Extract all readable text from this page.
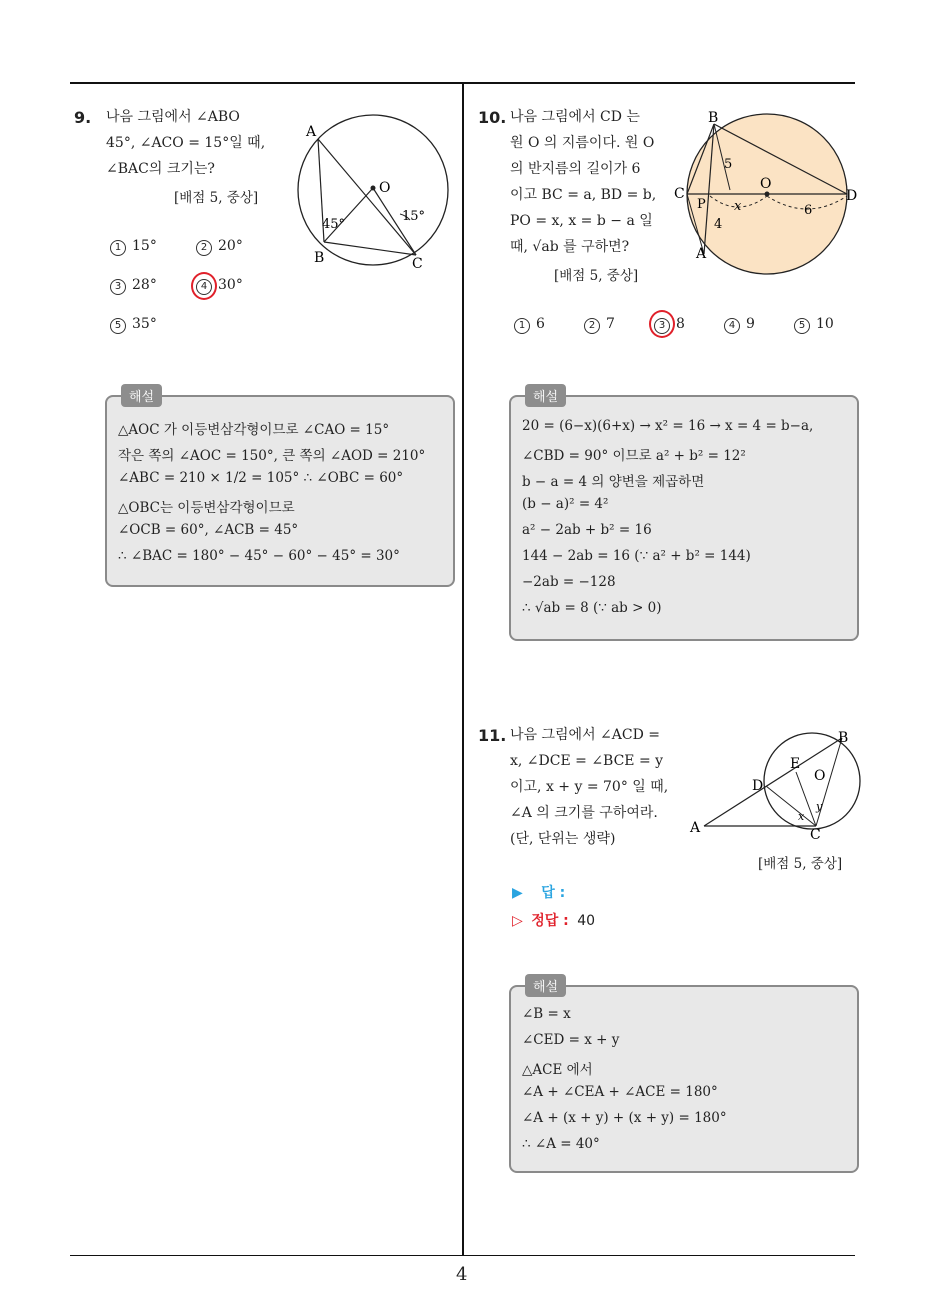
4
9. 나음 그림에서 ∠ABO
45°, ∠ACO = 15°일 때,
∠BAC의 크기는?
[배점 5, 중상]
A
B	C
O
45°
15°
1 15°	2 20°
3 28°	4 30°
5 35°
해설
△AOC 가 이등변삼각형이므로 ∠CAO = 15°
작은 쪽의 ∠AOC = 150°, 큰 쪽의 ∠AOD = 210°
∠ABC = 210 × 1/2 = 105° ∴ ∠OBC = 60°
△OBC는 이등변삼각형이므로
∠OCB = 60°, ∠ACB = 45°
∴ ∠BAC = 180° − 45° − 60° − 45° = 30°
10. 나음 그림에서 CD 는
원 O 의 지름이다. 원 O
의 반지름의 길이가 6
이고 BC = a, BD = b,
PO = x, x = b − a 일
때, √ab 를 구하면?
[배점 5, 중상]
B
C
P
O
D
A
5
4
x	6
1 6	2 7	3 8	4 9	5 10
해설
20 = (6−x)(6+x) → x² = 16 → x = 4 = b−a,
∠CBD = 90° 이므로 a² + b² = 12²
b − a = 4 의 양변을 제곱하면
(b − a)² = 4²
a² − 2ab + b² = 16
144 − 2ab = 16 (∵ a² + b² = 144)
−2ab = −128
∴ √ab = 8 (∵ ab > 0)
11. 나음 그림에서 ∠ACD =
x, ∠DCE = ∠BCE = y
이고, x + y = 70° 일 때,
∠A 의 크기를 구하여라.
(단, 단위는 생략)
A
B
C
D
E
O
x
y
[배점 5, 중상]
▶ 답 :
▷ 정답 : 40
해설
∠B = x
∠CED = x + y
△ACE 에서
∠A + ∠CEA + ∠ACE = 180°
∠A + (x + y) + (x + y) = 180°
∴ ∠A = 40°
